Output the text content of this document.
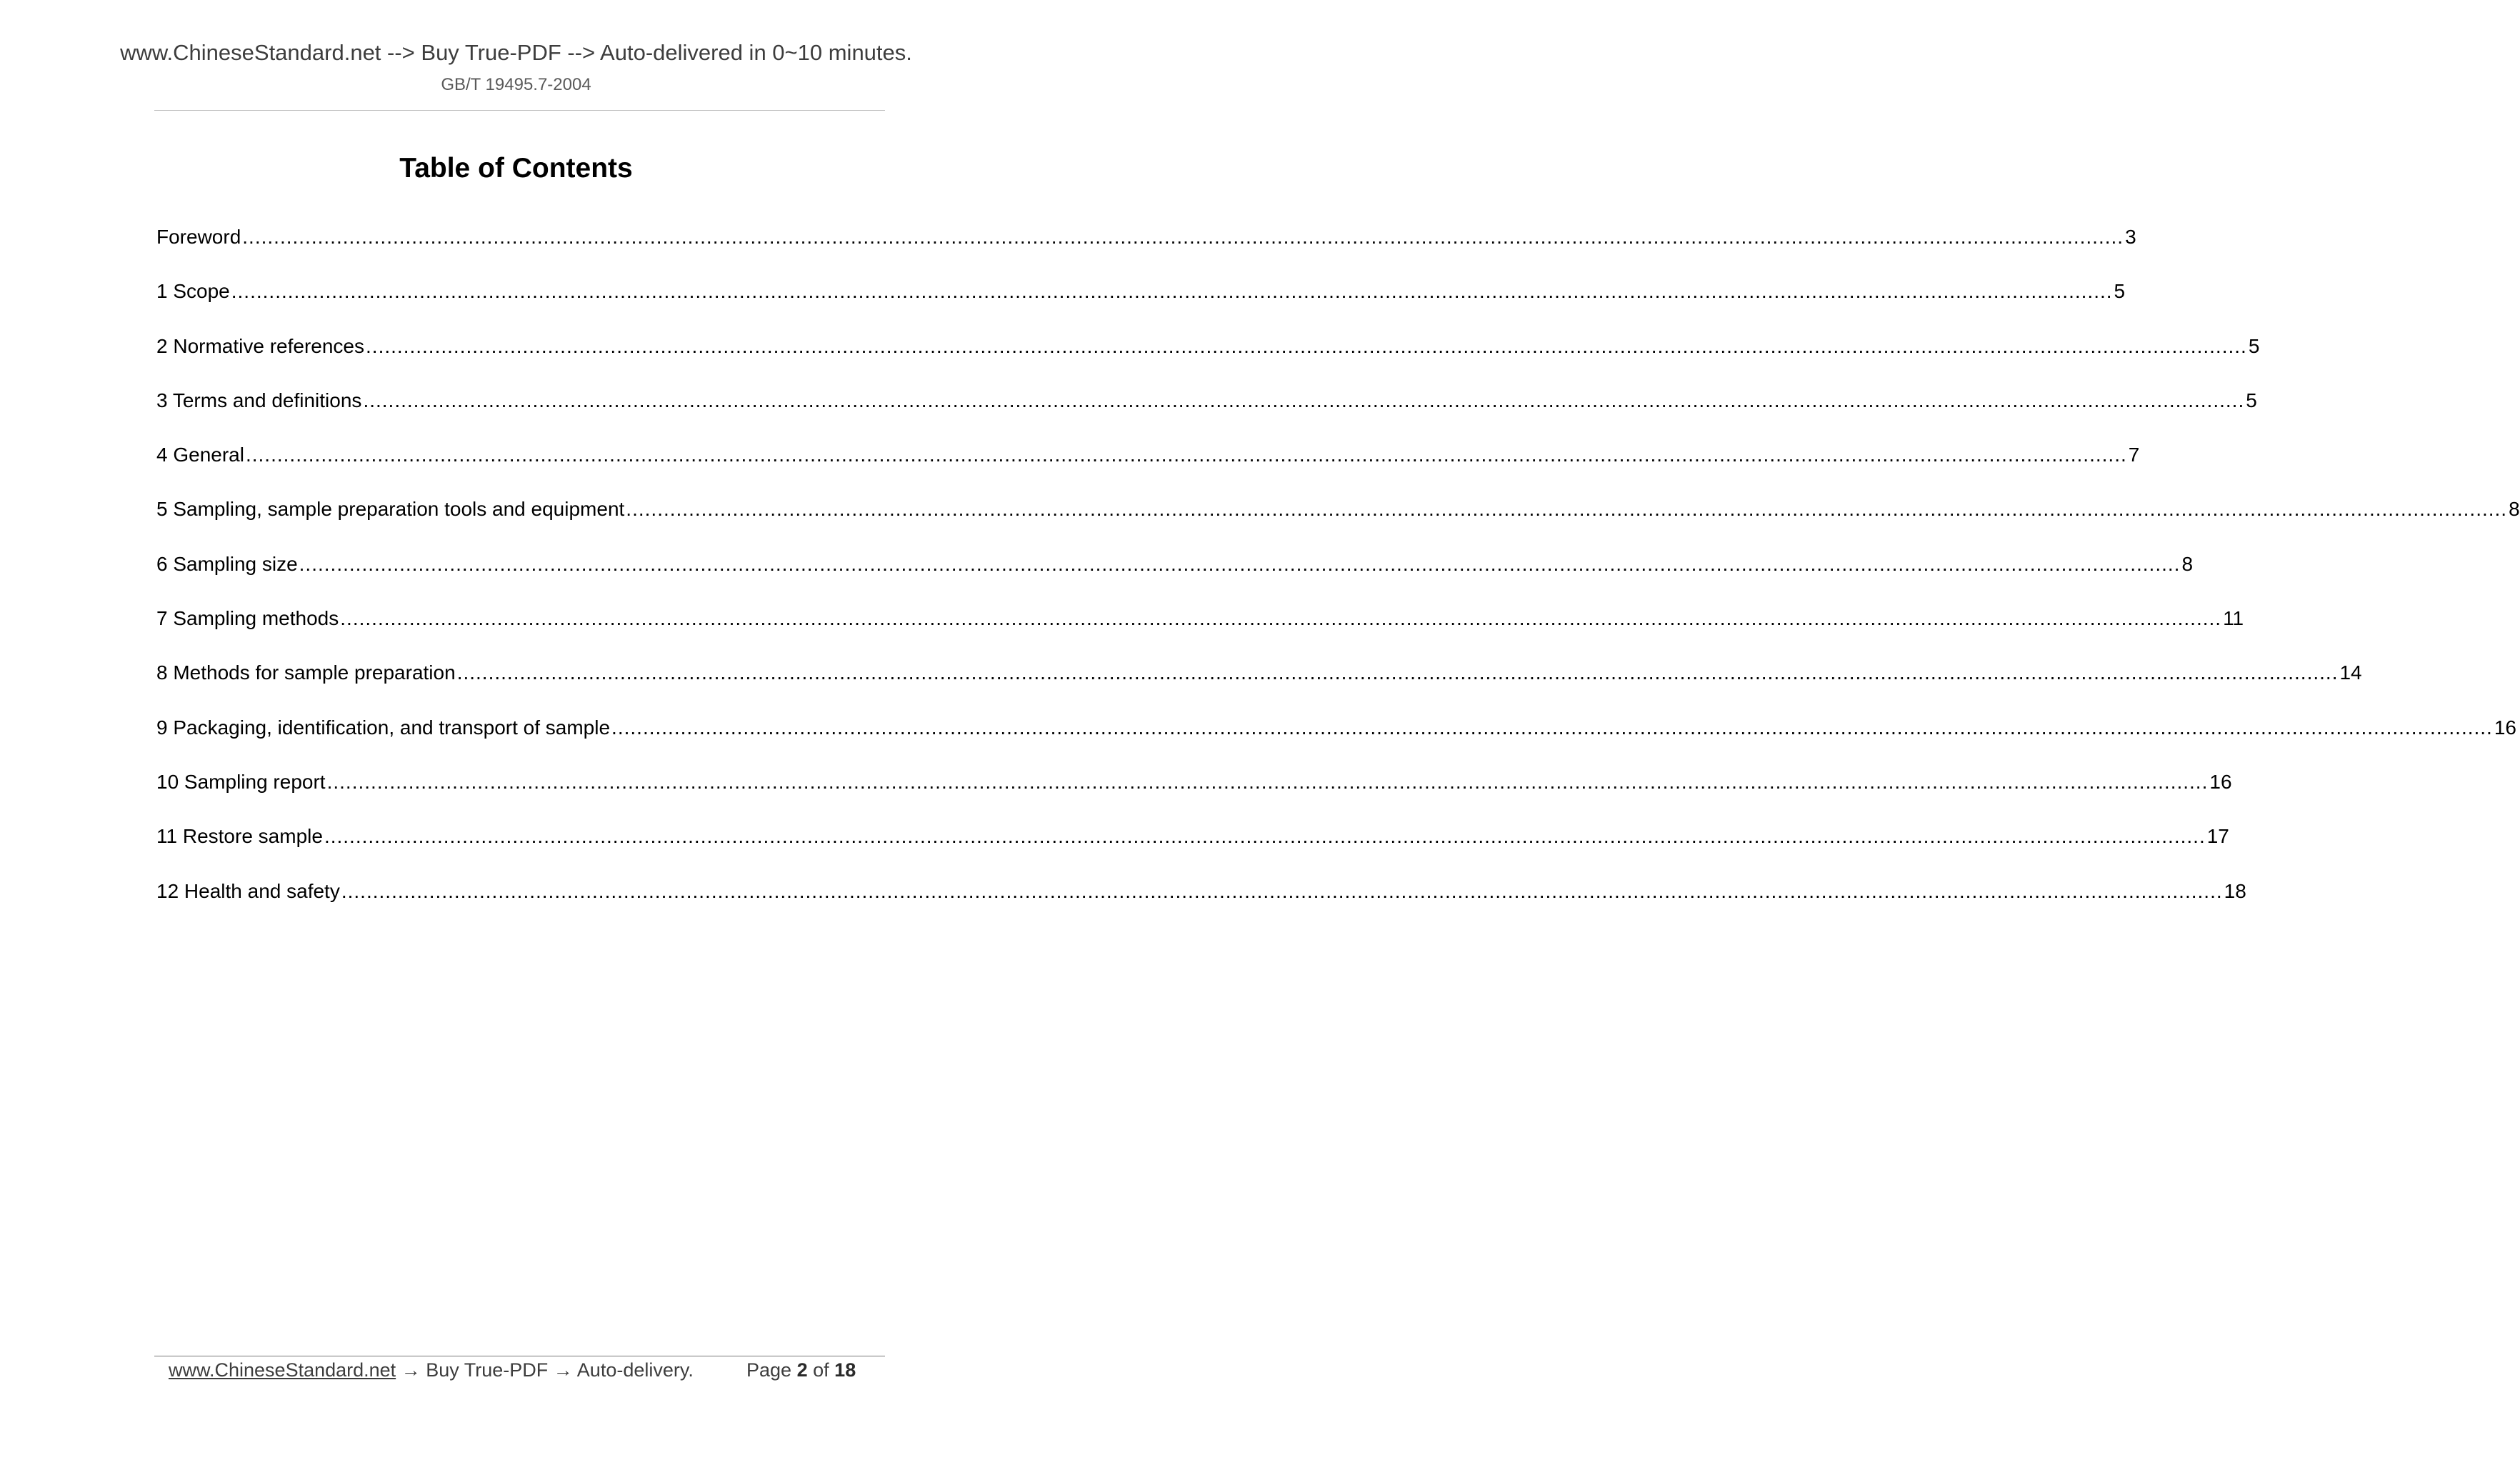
www.ChineseStandard.net --> Buy True-PDF --> Auto-delivered in 0~10 minutes.
GB/T 19495.7-2004
Table of Contents
Foreword ............................................................................................................................................................................................................................................................................................................ 3
1 Scope ............................................................................................................................................................................................................................................................................................................ 5
2 Normative references ............................................................................................................................................................................................................................................................................................................ 5
3 Terms and definitions ............................................................................................................................................................................................................................................................................................................ 5
4 General ............................................................................................................................................................................................................................................................................................................ 7
5 Sampling, sample preparation tools and equipment ............................................................................................................................................................................................................................................................................................................ 8
6 Sampling size ............................................................................................................................................................................................................................................................................................................ 8
7 Sampling methods ............................................................................................................................................................................................................................................................................................................ 11
8 Methods for sample preparation ............................................................................................................................................................................................................................................................................................................ 14
9 Packaging, identification, and transport of sample ............................................................................................................................................................................................................................................................................................................ 16
10 Sampling report ............................................................................................................................................................................................................................................................................................................ 16
11 Restore sample ............................................................................................................................................................................................................................................................................................................ 17
12 Health and safety ............................................................................................................................................................................................................................................................................................................ 18
www.ChineseStandard.net → Buy True-PDF → Auto-delivery.	Page 2 of 18
